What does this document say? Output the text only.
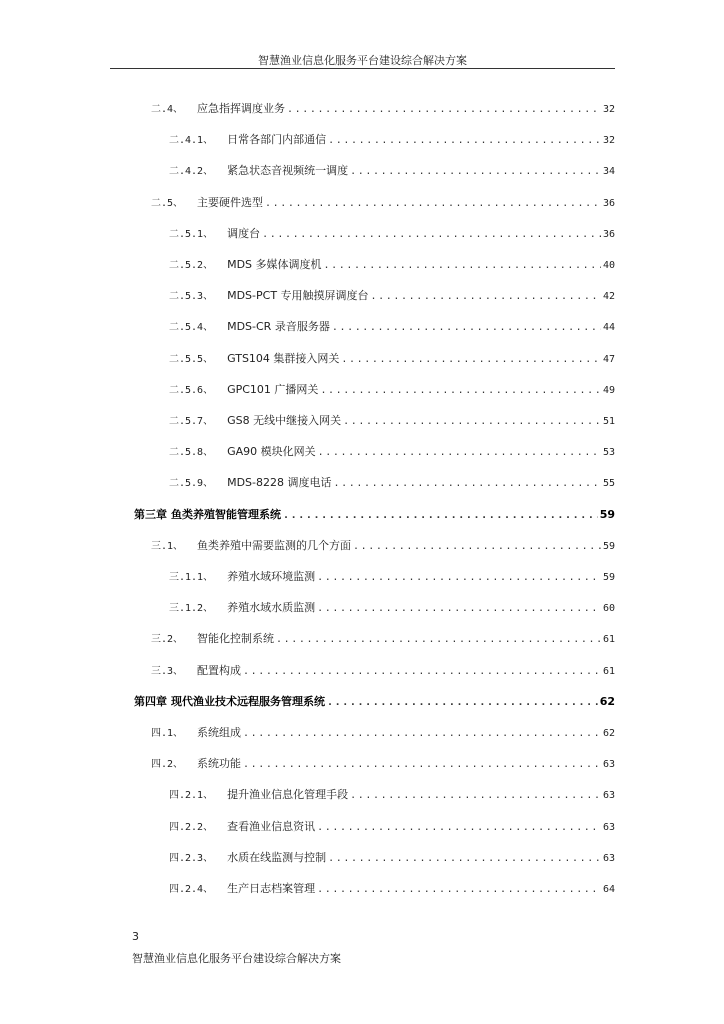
智慧渔业信息化服务平台建设综合解决方案
二.4、 应急指挥调度业务 .....	32
二.4.1、 日常各部门内部通信 .....	32
二.4.2、 紧急状态音视频统一调度 .....	34
二.5、 主要硬件选型 .....	36
二.5.1、 调度台 .....	36
二.5.2、 MDS 多媒体调度机 .....	40
二.5.3、 MDS-PCT 专用触摸屏调度台 .....	42
二.5.4、 MDS-CR 录音服务器 .....	44
二.5.5、 GTS104 集群接入网关 .....	47
二.5.6、 GPC101 广播网关 .....	49
二.5.7、 GS8 无线中继接入网关 .....	51
二.5.8、 GA90 模块化网关 .....	53
二.5.9、 MDS-8228 调度电话 .....	55
第三章 鱼类养殖智能管理系统 .....	59
三.1、 鱼类养殖中需要监测的几个方面 .....	59
三.1.1、 养殖水域环境监测 .....	59
三.1.2、 养殖水域水质监测 .....	60
三.2、 智能化控制系统 .....	61
三.3、 配置构成 .....	61
第四章 现代渔业技术远程服务管理系统 .....	62
四.1、 系统组成 .....	62
四.2、 系统功能 .....	63
四.2.1、 提升渔业信息化管理手段 .....	63
四.2.2、 查看渔业信息资讯 .....	63
四.2.3、 水质在线监测与控制 .....	63
四.2.4、 生产日志档案管理 .....	64
3
智慧渔业信息化服务平台建设综合解决方案
